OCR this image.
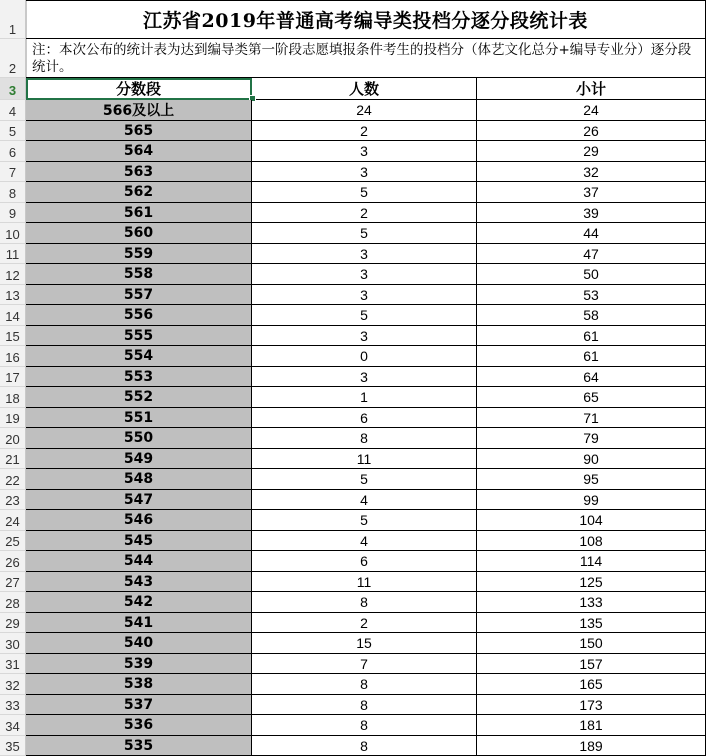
1	江苏省2019年普通高考编导类投档分逐分段统计表
2
注：本次公布的统计表为达到编导类第一阶段志愿填报条件考生的投档分（体艺文化总分+编导专业分）逐分段统计。
3	分数段	人数	小计
4	566及以上	24	24
5	565	2	26
6	564	3	29
7	563	3	32
8	562	5	37
9	561	2	39
10	560	5	44
11	559	3	47
12	558	3	50
13	557	3	53
14	556	5	58
15	555	3	61
16	554	0	61
17	553	3	64
18	552	1	65
19	551	6	71
20	550	8	79
21	549	11	90
22	548	5	95
23	547	4	99
24	546	5	104
25	545	4	108
26	544	6	114
27	543	11	125
28	542	8	133
29	541	2	135
30	540	15	150
31	539	7	157
32	538	8	165
33	537	8	173
34	536	8	181
35	535	8	189
